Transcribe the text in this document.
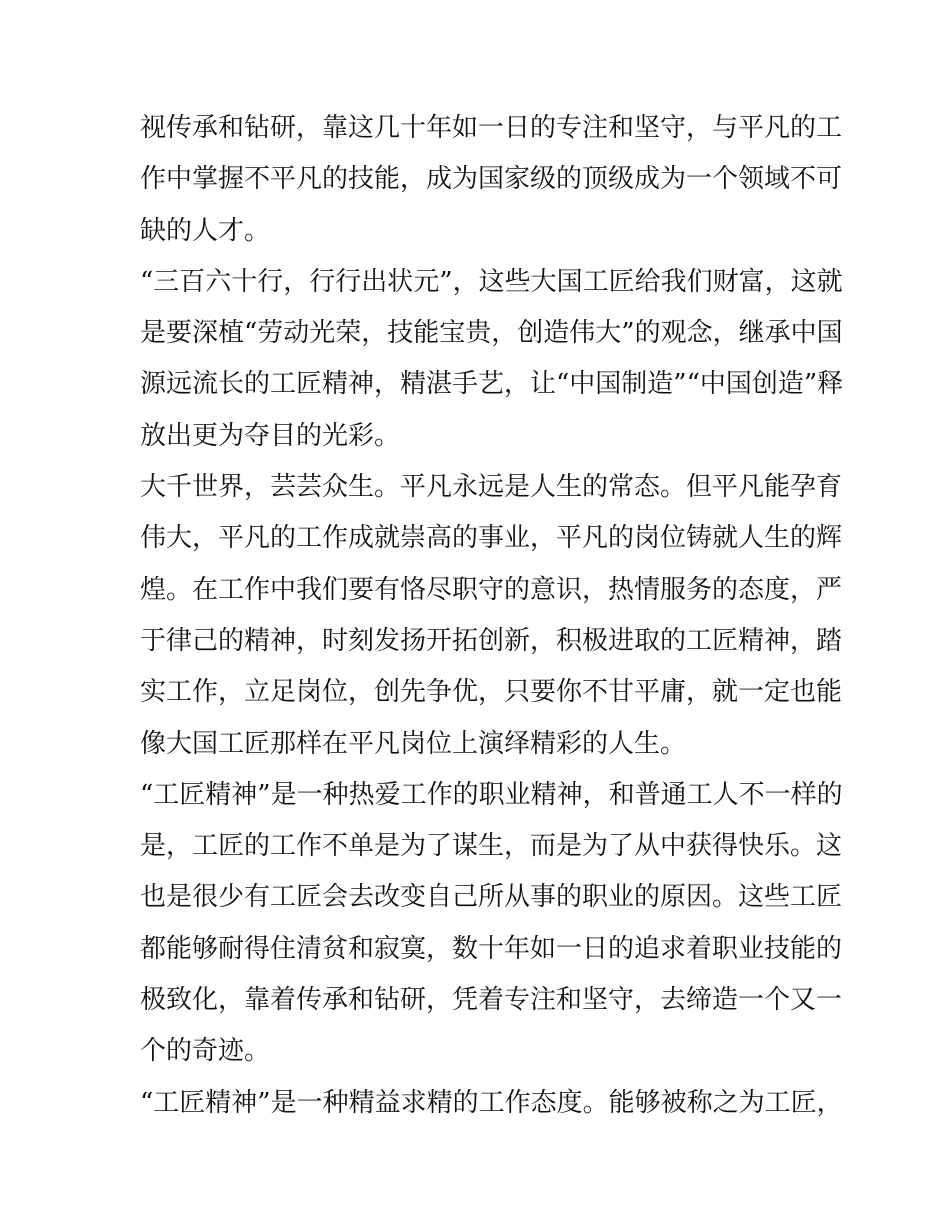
视传承和钻研，靠这几十年如一日的专注和坚守，与平凡的工
作中掌握不平凡的技能，成为国家级的顶级成为一个领域不可
缺的人才。
“三百六十行，行行出状元”，这些大国工匠给我们财富，这就
是要深植“劳动光荣，技能宝贵，创造伟大”的观念，继承中国
源远流长的工匠精神，精湛手艺，让“中国制造”“中国创造”释
放出更为夺目的光彩。
大千世界，芸芸众生。平凡永远是人生的常态。但平凡能孕育
伟大，平凡的工作成就崇高的事业，平凡的岗位铸就人生的辉
煌。在工作中我们要有恪尽职守的意识，热情服务的态度，严
于律己的精神，时刻发扬开拓创新，积极进取的工匠精神，踏
实工作，立足岗位，创先争优，只要你不甘平庸，就一定也能
像大国工匠那样在平凡岗位上演绎精彩的人生。
“工匠精神”是一种热爱工作的职业精神，和普通工人不一样的
是，工匠的工作不单是为了谋生，而是为了从中获得快乐。这
也是很少有工匠会去改变自己所从事的职业的原因。这些工匠
都能够耐得住清贫和寂寞，数十年如一日的追求着职业技能的
极致化，靠着传承和钻研，凭着专注和坚守，去缔造一个又一
个的奇迹。
“工匠精神”是一种精益求精的工作态度。能够被称之为工匠，
